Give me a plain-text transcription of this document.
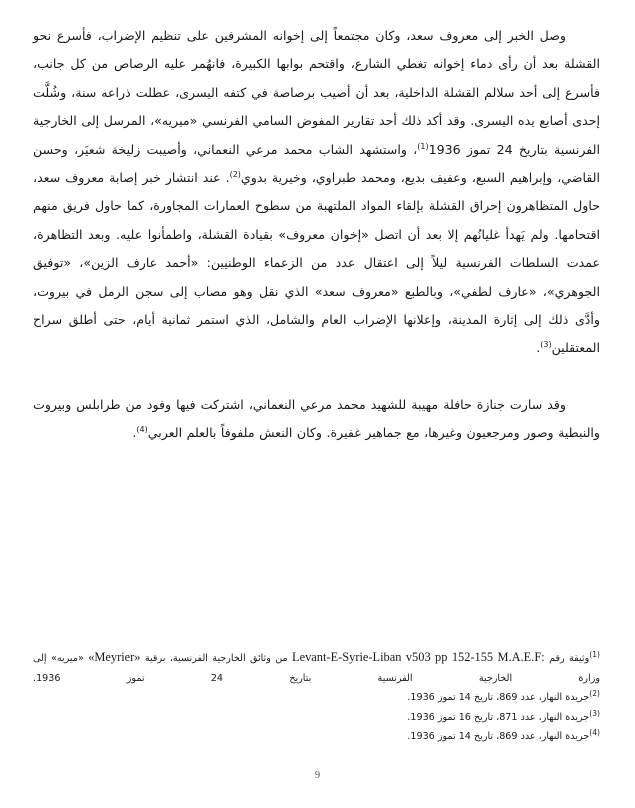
وصل الخبر إلى معروف سعد، وكان مجتمعاً إلى إخوانه المشرفين على تنظيم الإضراب، فأسرع نحو القشلة بعد أن رأى دماء إخوانه تغطي الشارع، واقتحم بوابها الكبيرة، فانهُمر عليه الرصاص من كل جانب، فأسرع إلى أحد سلالم القشلة الداخلية، بعد أن أصيب برصاصة في كتفه اليسرى، عطلت ذراعه سنة، وشُلَّت إحدى أصابع يده اليسرى. وقد أكد ذلك أحد تقارير المفوض السامي الفرنسي «ميريه»، المرسل إلى الخارجية الفرنسية بتاريخ 24 تموز 1936$^{(1)}$، واستشهد الشاب محمد مرعي النعماني، وأصيبت زليخة شعيَر، وحسن القاضي، وإبراهيم السبع، وعفيف بديع، ومحمد طبراوي، وخيرية بدوي$^{(2)}$. عند انتشار خبر إصابة معروف سعد، حاول المتظاهرون إحراق القشلة بإلقاء المواد الملتهبة من سطوح العمارات المجاورة، كما حاول فريق منهم اقتحامها. ولم يَهدأ غليانُهم إلا بعد أن اتصل «إخوان معروف» بقيادة القشلة، واطمأنوا عليه. وبعد التظاهرة، عمدت السلطات الفرنسية ليلاً إلى اعتقال عدد من الزعماء الوطنيين: «أحمد عارف الزين»، «توفيق الجوهري»، «عارف لطفي»، وبالطبع «معروف سعد» الذي نقل وهو مصاب إلى سجن الرمل في بيروت، وأدَّى ذلك إلى إثارة المدينة، وإعلانها الإضراب العام والشامل، الذي استمر ثمانية أيام، حتى أطلق سراح المعتقلين$^{(3)}$.

وقد سارت جنازة حافلة مهيبة للشهيد محمد مرعي النعماني، اشتركت فيها وفود من طرابلس وبيروت والنبطية وصور ومرجعيون وغيرها، مع جماهير غفيرة. وكان النعش ملفوفاً بالعلم العربي$^{(4)}$.

$^{(1)}$وثيقة رقم M.A.E.F: pp 152-155 Levant-E-Syrie-Liban v503 من وثائق الخارجية الفرنسية، برقية «Meyrier» «ميريه» إلى وزارة الخارجية الفرنسية بتاريخ 24 تموز 1936.

$^{(2)}$جريدة النهار، عدد 869، تاريخ 14 تموز 1936.

$^{(3)}$جريدة النهار، عدد 871، تاريخ 16 تموز 1936.

$^{(4)}$جريدة النهار، عدد 869، تاريخ 14 تموز 1936.

9
